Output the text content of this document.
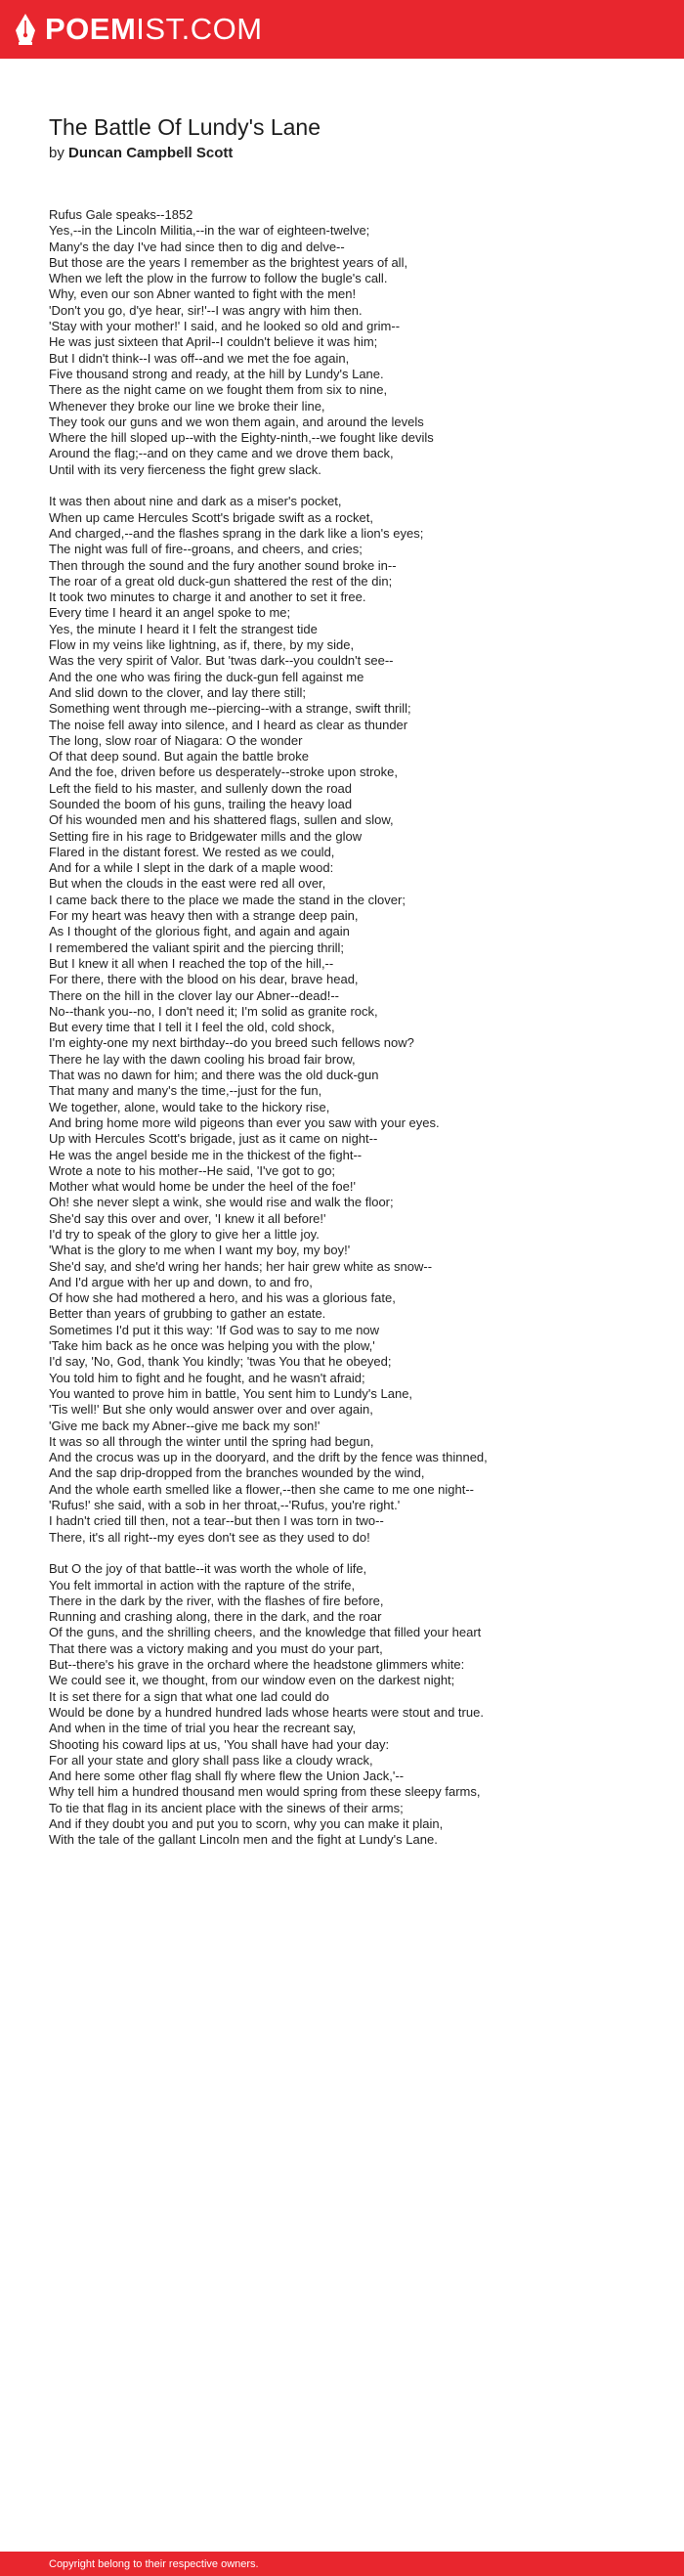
POEMIST.COM
The Battle Of Lundy's Lane
by Duncan Campbell Scott
Rufus Gale speaks--1852
Yes,--in the Lincoln Militia,--in the war of eighteen-twelve;
Many's the day I've had since then to dig and delve--
But those are the years I remember as the brightest years of all,
When we left the plow in the furrow to follow the bugle's call.
Why, even our son Abner wanted to fight with the men!
'Don't you go, d'ye hear, sir!'--I was angry with him then.
'Stay with your mother!' I said, and he looked so old and grim--
He was just sixteen that April--I couldn't believe it was him;
But I didn't think--I was off--and we met the foe again,
Five thousand strong and ready, at the hill by Lundy's Lane.
There as the night came on we fought them from six to nine,
Whenever they broke our line we broke their line,
They took our guns and we won them again, and around the levels
Where the hill sloped up--with the Eighty-ninth,--we fought like devils
Around the flag;--and on they came and we drove them back,
Until with its very fierceness the fight grew slack.
It was then about nine and dark as a miser's pocket,
When up came Hercules Scott's brigade swift as a rocket,
And charged,--and the flashes sprang in the dark like a lion's eyes;
The night was full of fire--groans, and cheers, and cries;
Then through the sound and the fury another sound broke in--
The roar of a great old duck-gun shattered the rest of the din;
It took two minutes to charge it and another to set it free.
Every time I heard it an angel spoke to me;
Yes, the minute I heard it I felt the strangest tide
Flow in my veins like lightning, as if, there, by my side,
Was the very spirit of Valor. But 'twas dark--you couldn't see--
And the one who was firing the duck-gun fell against me
And slid down to the clover, and lay there still;
Something went through me--piercing--with a strange, swift thrill;
The noise fell away into silence, and I heard as clear as thunder
The long, slow roar of Niagara: O the wonder
Of that deep sound. But again the battle broke
And the foe, driven before us desperately--stroke upon stroke,
Left the field to his master, and sullenly down the road
Sounded the boom of his guns, trailing the heavy load
Of his wounded men and his shattered flags, sullen and slow,
Setting fire in his rage to Bridgewater mills and the glow
Flared in the distant forest. We rested as we could,
And for a while I slept in the dark of a maple wood:
But when the clouds in the east were red all over,
I came back there to the place we made the stand in the clover;
For my heart was heavy then with a strange deep pain,
As I thought of the glorious fight, and again and again
I remembered the valiant spirit and the piercing thrill;
But I knew it all when I reached the top of the hill,--
For there, there with the blood on his dear, brave head,
There on the hill in the clover lay our Abner--dead!--
No--thank you--no, I don't need it; I'm solid as granite rock,
But every time that I tell it I feel the old, cold shock,
I'm eighty-one my next birthday--do you breed such fellows now?
There he lay with the dawn cooling his broad fair brow,
That was no dawn for him; and there was the old duck-gun
That many and many's the time,--just for the fun,
We together, alone, would take to the hickory rise,
And bring home more wild pigeons than ever you saw with your eyes.
Up with Hercules Scott's brigade, just as it came on night--
He was the angel beside me in the thickest of the fight--
Wrote a note to his mother--He said, 'I've got to go;
Mother what would home be under the heel of the foe!'
Oh! she never slept a wink, she would rise and walk the floor;
She'd say this over and over, 'I knew it all before!'
I'd try to speak of the glory to give her a little joy.
'What is the glory to me when I want my boy, my boy!'
She'd say, and she'd wring her hands; her hair grew white as snow--
And I'd argue with her up and down, to and fro,
Of how she had mothered a hero, and his was a glorious fate,
Better than years of grubbing to gather an estate.
Sometimes I'd put it this way: 'If God was to say to me now
'Take him back as he once was helping you with the plow,'
I'd say, 'No, God, thank You kindly; 'twas You that he obeyed;
You told him to fight and he fought, and he wasn't afraid;
You wanted to prove him in battle, You sent him to Lundy's Lane,
'Tis well!' But she only would answer over and over again,
'Give me back my Abner--give me back my son!'
It was so all through the winter until the spring had begun,
And the crocus was up in the dooryard, and the drift by the fence was thinned,
And the sap drip-dropped from the branches wounded by the wind,
And the whole earth smelled like a flower,--then she came to me one night--
'Rufus!' she said, with a sob in her throat,--'Rufus, you're right.'
I hadn't cried till then, not a tear--but then I was torn in two--
There, it's all right--my eyes don't see as they used to do!
But O the joy of that battle--it was worth the whole of life,
You felt immortal in action with the rapture of the strife,
There in the dark by the river, with the flashes of fire before,
Running and crashing along, there in the dark, and the roar
Of the guns, and the shrilling cheers, and the knowledge that filled your heart
That there was a victory making and you must do your part,
But--there's his grave in the orchard where the headstone glimmers white:
We could see it, we thought, from our window even on the darkest night;
It is set there for a sign that what one lad could do
Would be done by a hundred hundred lads whose hearts were stout and true.
And when in the time of trial you hear the recreant say,
Shooting his coward lips at us, 'You shall have had your day:
For all your state and glory shall pass like a cloudy wrack,
And here some other flag shall fly where flew the Union Jack,'--
Why tell him a hundred thousand men would spring from these sleepy farms,
To tie that flag in its ancient place with the sinews of their arms;
And if they doubt you and put you to scorn, why you can make it plain,
With the tale of the gallant Lincoln men and the fight at Lundy's Lane.
Copyright belong to their respective owners.
